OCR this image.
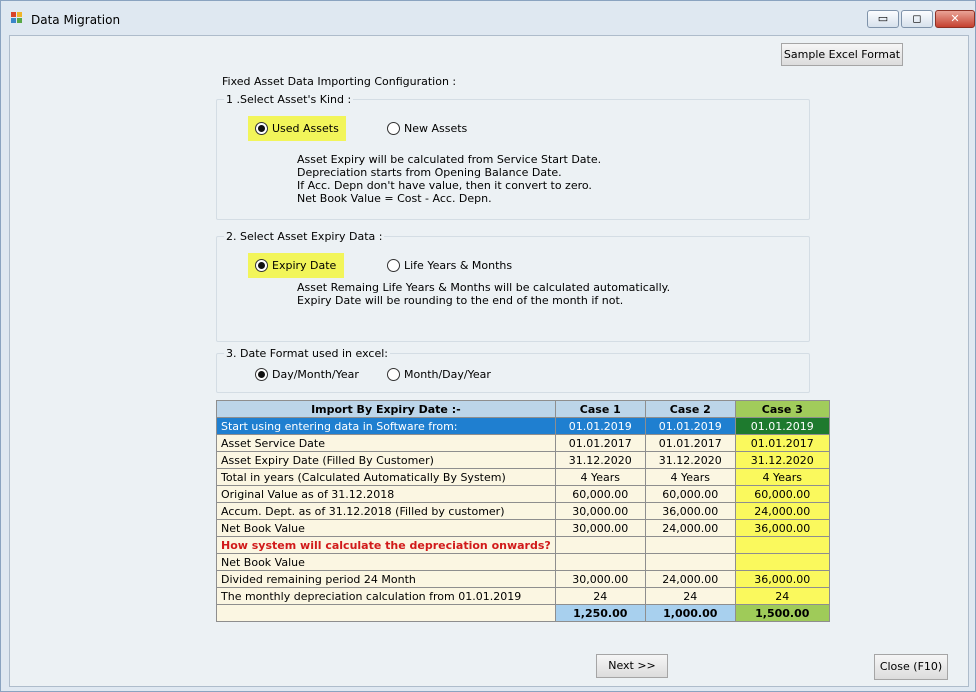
Data Migration	▭	◻	✕
Sample Excel Format
Fixed Asset Data Importing Configuration :
1 .Select Asset's Kind :
Used Assets	New Assets
Asset Expiry will be calculated from Service Start Date.
Depreciation starts from Opening Balance Date.
If Acc. Depn don't have value, then it convert to zero.
Net Book Value = Cost - Acc. Depn.
2. Select Asset Expiry Data :
Expiry Date	Life Years & Months
Asset Remaing Life Years & Months will be calculated automatically.
Expiry Date will be rounding to the end of the month if not.
3. Date Format used in excel:
Day/Month/Year	Month/Day/Year
Import By Expiry Date :-	Case 1	Case 2	Case 3
Start using entering data in Software from:	01.01.2019	01.01.2019	01.01.2019
Asset Service Date	01.01.2017	01.01.2017	01.01.2017
Asset Expiry Date (Filled By Customer)	31.12.2020	31.12.2020	31.12.2020
Total in years (Calculated Automatically By System)	4 Years	4 Years	4 Years
Original Value as of 31.12.2018	60,000.00	60,000.00	60,000.00
Accum. Dept. as of 31.12.2018 (Filled by customer)	30,000.00	36,000.00	24,000.00
Net Book Value	30,000.00	24,000.00	36,000.00
How system will calculate the depreciation onwards?			
Net Book Value			
Divided remaining period 24 Month	30,000.00	24,000.00	36,000.00
The monthly depreciation calculation from 01.01.2019	24	24	24
	1,250.00	1,000.00	1,500.00
Next >>	Close (F10)
